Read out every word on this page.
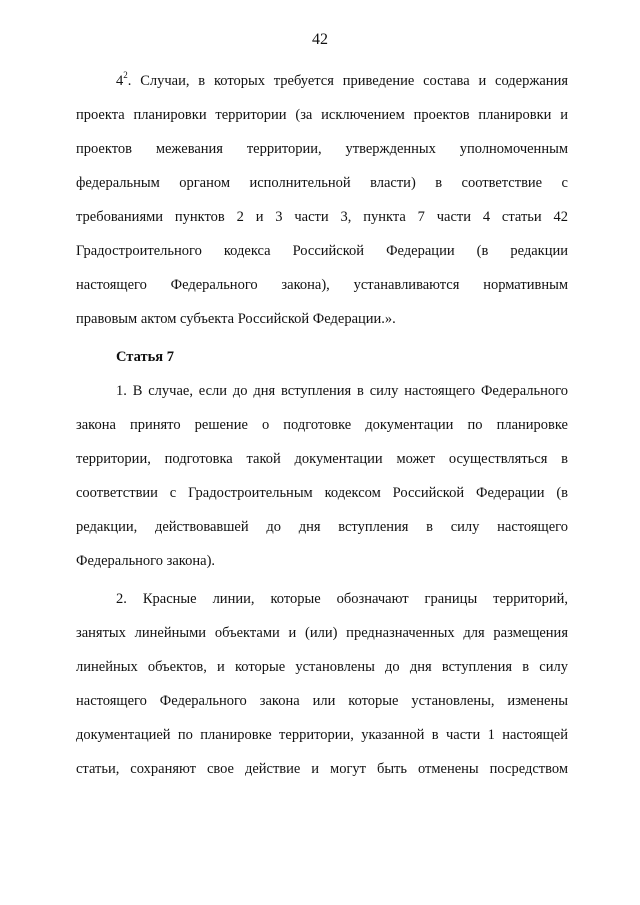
42
$4^2$. Случаи, в которых требуется приведение состава и содержания
проекта планировки территории (за исключением проектов планировки и
проектов межевания территории, утвержденных уполномоченным
федеральным органом исполнительной власти) в соответствие с
требованиями пунктов 2 и 3 части 3, пункта 7 части 4 статьи 42
Градостроительного кодекса Российской Федерации (в редакции
настоящего Федерального закона), устанавливаются нормативным
правовым актом субъекта Российской Федерации.».
Статья 7
1. В случае, если до дня вступления в силу настоящего Федерального
закона принято решение о подготовке документации по планировке
территории, подготовка такой документации может осуществляться в
соответствии с Градостроительным кодексом Российской Федерации (в
редакции, действовавшей до дня вступления в силу настоящего
Федерального закона).
2. Красные линии, которые обозначают границы территорий,
занятых линейными объектами и (или) предназначенных для размещения
линейных объектов, и которые установлены до дня вступления в силу
настоящего Федерального закона или которые установлены, изменены
документацией по планировке территории, указанной в части 1 настоящей
статьи, сохраняют свое действие и могут быть отменены посредством
